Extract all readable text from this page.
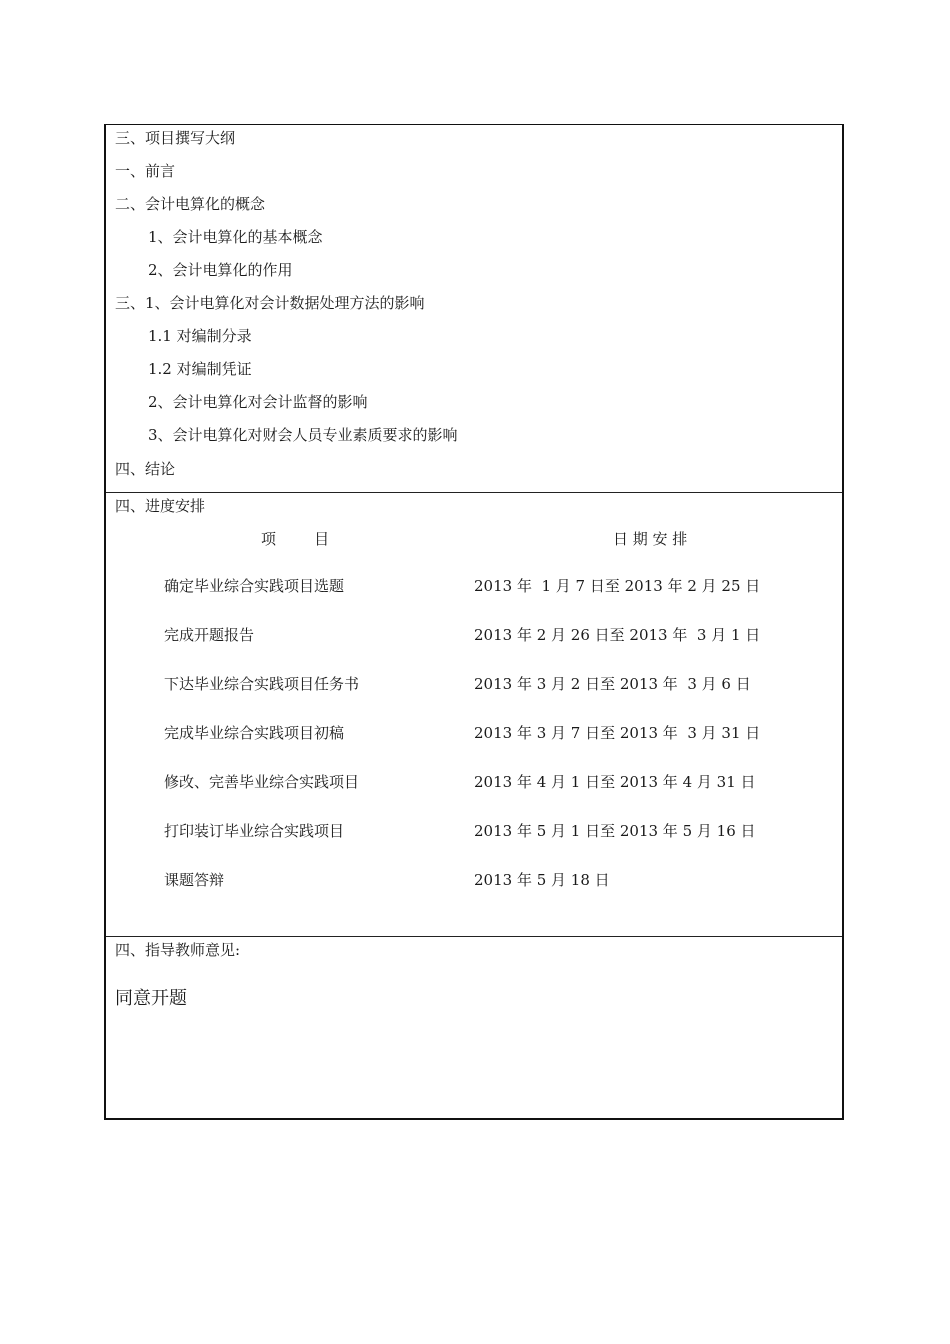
三、项目撰写大纲
一、前言
二、会计电算化的概念
1、会计电算化的基本概念
2、会计电算化的作用
三、1、会计电算化对会计数据处理方法的影响
1.1 对编制分录
1.2 对编制凭证
2、会计电算化对会计监督的影响
3、会计电算化对财会人员专业素质要求的影响
四、结论
四、进度安排
项        目	日 期 安 排
确定毕业综合实践项目选题	2013 年  1 月 7 日至 2013 年 2 月 25 日
完成开题报告	2013 年 2 月 26 日至 2013 年  3 月 1 日
下达毕业综合实践项目任务书	2013 年 3 月 2 日至 2013 年  3 月 6 日
完成毕业综合实践项目初稿	2013 年 3 月 7 日至 2013 年  3 月 31 日
修改、完善毕业综合实践项目	2013 年 4 月 1 日至 2013 年 4 月 31 日
打印装订毕业综合实践项目	2013 年 5 月 1 日至 2013 年 5 月 16 日
课题答辩	2013 年 5 月 18 日
四、指导教师意见:
同意开题
